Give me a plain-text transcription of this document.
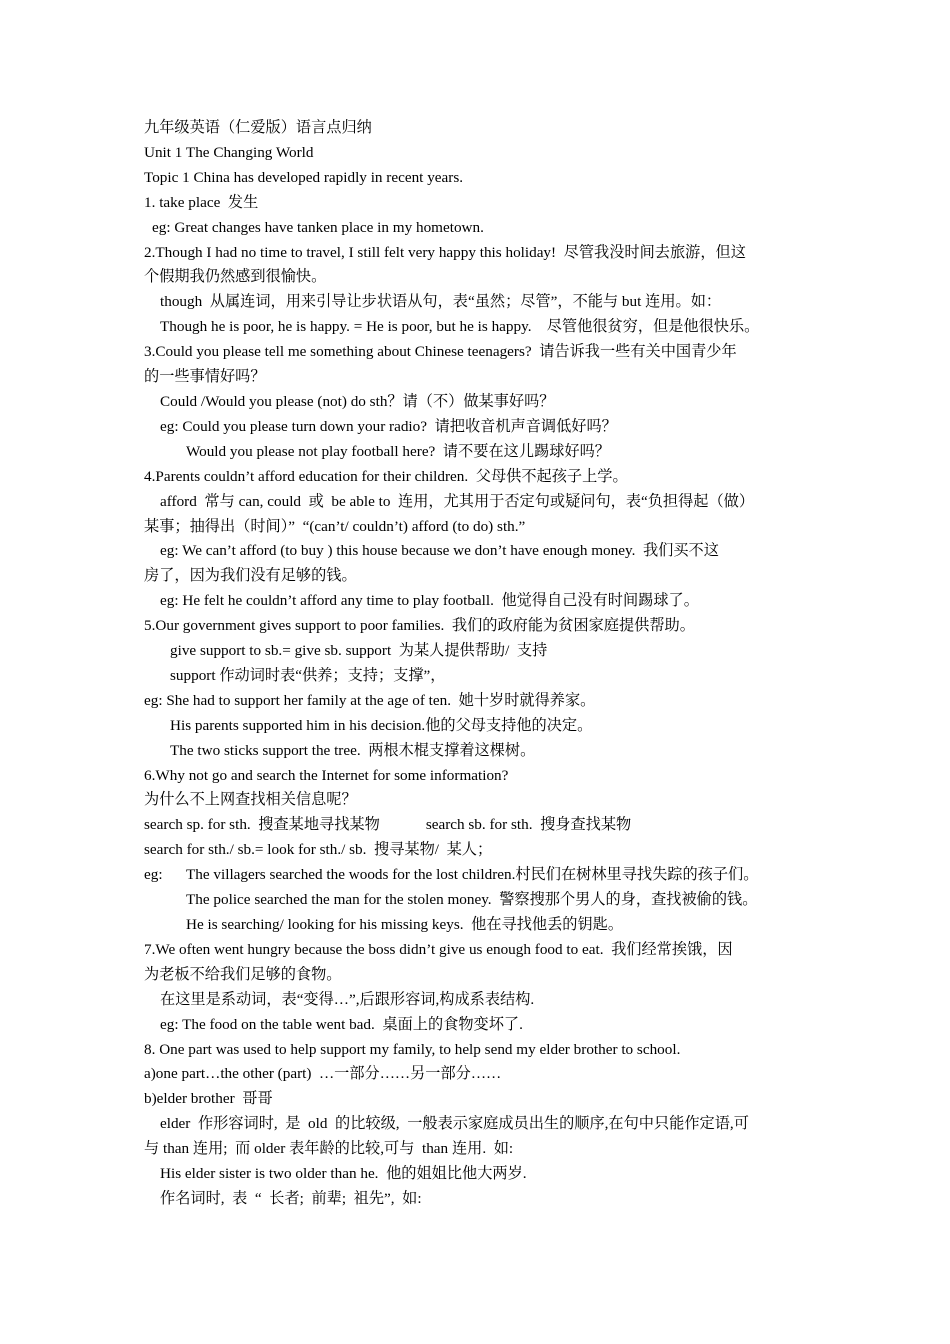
九年级英语（仁爱版）语言点归纳

Unit 1 The Changing World

Topic 1 China has developed rapidly in recent years.

1. take place  发生

eg: Great changes have tanken place in my hometown.

2.Though I had no time to travel, I still felt very happy this holiday!  尽管我没时间去旅游，但这

个假期我仍然感到很愉快。

though  从属连词，用来引导让步状语从句，表“虽然；尽管”，不能与 but 连用。如：

Though he is poor, he is happy. = He is poor, but he is happy.    尽管他很贫穷，但是他很快乐。

3.Could you please tell me something about Chinese teenagers?  请告诉我一些有关中国青少年

的一些事情好吗？

Could /Would you please (not) do sth？请（不）做某事好吗？

eg: Could you please turn down your radio?  请把收音机声音调低好吗？

Would you please not play football here?  请不要在这儿踢球好吗？

4.Parents couldn’t afford education for their children.  父母供不起孩子上学。

afford  常与 can, could  或  be able to  连用，尤其用于否定句或疑问句，表“负担得起（做）

某事；抽得出（时间）”  “(can’t/ couldn’t) afford (to do) sth.”

eg: We can’t afford (to buy ) this house because we don’t have enough money.  我们买不这

房了，因为我们没有足够的钱。

eg: He felt he couldn’t afford any time to play football.  他觉得自己没有时间踢球了。

5.Our government gives support to poor families.  我们的政府能为贫困家庭提供帮助。

give support to sb.= give sb. support  为某人提供帮助/  支持

support 作动词时表“供养；支持；支撑”，

eg: She had to support her family at the age of ten.  她十岁时就得养家。

His parents supported him in his decision.他的父母支持他的决定。

The two sticks support the tree.  两根木棍支撑着这棵树。

6.Why not go and search the Internet for some information?

为什么不上网查找相关信息呢？

search sp. for sth.  搜查某地寻找某物	search sb. for sth.  搜身查找某物

search for sth./ sb.= look for sth./ sb.  搜寻某物/  某人；

eg:	The villagers searched the woods for the lost children.村民们在树林里寻找失踪的孩子们。

The police searched the man for the stolen money.  警察搜那个男人的身，查找被偷的钱。

He is searching/ looking for his missing keys.  他在寻找他丢的钥匙。

7.We often went hungry because the boss didn’t give us enough food to eat.  我们经常挨饿，因

为老板不给我们足够的食物。

在这里是系动词，表“变得…”,后跟形容词,构成系表结构.

eg: The food on the table went bad.  桌面上的食物变坏了.

8. One part was used to help support my family, to help send my elder brother to school.

a)one part…the other (part)  …一部分……另一部分……

b)elder brother  哥哥

elder  作形容词时,  是  old  的比较级,  一般表示家庭成员出生的顺序,在句中只能作定语,可

与 than 连用;  而 older 表年龄的比较,可与  than 连用.  如:

His elder sister is two older than he.  他的姐姐比他大两岁.

作名词时,  表  “  长者;  前辈;  祖先”,  如:
